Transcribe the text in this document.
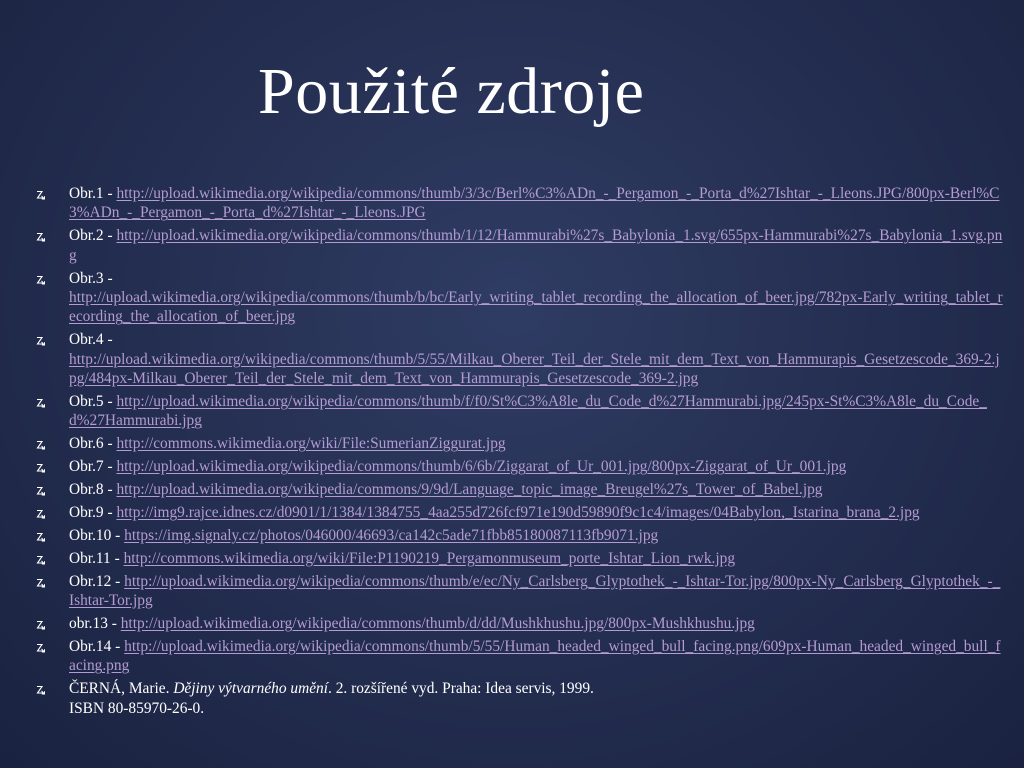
Použité zdroje
Obr.1 - http://upload.wikimedia.org/wikipedia/commons/thumb/3/3c/Berl%C3%ADn_-_Pergamon_-_Porta_d%27Ishtar_-_Lleons.JPG/800px-Berl%C3%ADn_-_Pergamon_-_Porta_d%27Ishtar_-_Lleons.JPG
Obr.2 - http://upload.wikimedia.org/wikipedia/commons/thumb/1/12/Hammurabi%27s_Babylonia_1.svg/655px-Hammurabi%27s_Babylonia_1.svg.png
Obr.3 -
http://upload.wikimedia.org/wikipedia/commons/thumb/b/bc/Early_writing_tablet_recording_the_allocation_of_beer.jpg/782px-Early_writing_tablet_recording_the_allocation_of_beer.jpg
Obr.4 -
http://upload.wikimedia.org/wikipedia/commons/thumb/5/55/Milkau_Oberer_Teil_der_Stele_mit_dem_Text_von_Hammurapis_Gesetzescode_369-2.jpg/484px-Milkau_Oberer_Teil_der_Stele_mit_dem_Text_von_Hammurapis_Gesetzescode_369-2.jpg
Obr.5 - http://upload.wikimedia.org/wikipedia/commons/thumb/f/f0/St%C3%A8le_du_Code_d%27Hammurabi.jpg/245px-St%C3%A8le_du_Code_d%27Hammurabi.jpg
Obr.6 - http://commons.wikimedia.org/wiki/File:SumerianZiggurat.jpg
Obr.7 - http://upload.wikimedia.org/wikipedia/commons/thumb/6/6b/Ziggarat_of_Ur_001.jpg/800px-Ziggarat_of_Ur_001.jpg
Obr.8 - http://upload.wikimedia.org/wikipedia/commons/9/9d/Language_topic_image_Breugel%27s_Tower_of_Babel.jpg
Obr.9 - http://img9.rajce.idnes.cz/d0901/1/1384/1384755_4aa255d726fcf971e190d59890f9c1c4/images/04Babylon,_Istarina_brana_2.jpg
Obr.10 - https://img.signaly.cz/photos/046000/46693/ca142c5ade71fbb85180087113fb9071.jpg
Obr.11 - http://commons.wikimedia.org/wiki/File:P1190219_Pergamonmuseum_porte_Ishtar_Lion_rwk.jpg
Obr.12 - http://upload.wikimedia.org/wikipedia/commons/thumb/e/ec/Ny_Carlsberg_Glyptothek_-_Ishtar-Tor.jpg/800px-Ny_Carlsberg_Glyptothek_-_Ishtar-Tor.jpg
obr.13 - http://upload.wikimedia.org/wikipedia/commons/thumb/d/dd/Mushkhushu.jpg/800px-Mushkhushu.jpg
Obr.14 - http://upload.wikimedia.org/wikipedia/commons/thumb/5/55/Human_headed_winged_bull_facing.png/609px-Human_headed_winged_bull_facing.png
ČERNÁ, Marie. Dějiny výtvarného umění. 2. rozšířené vyd. Praha: Idea servis, 1999.
ISBN 80-85970-26-0.
